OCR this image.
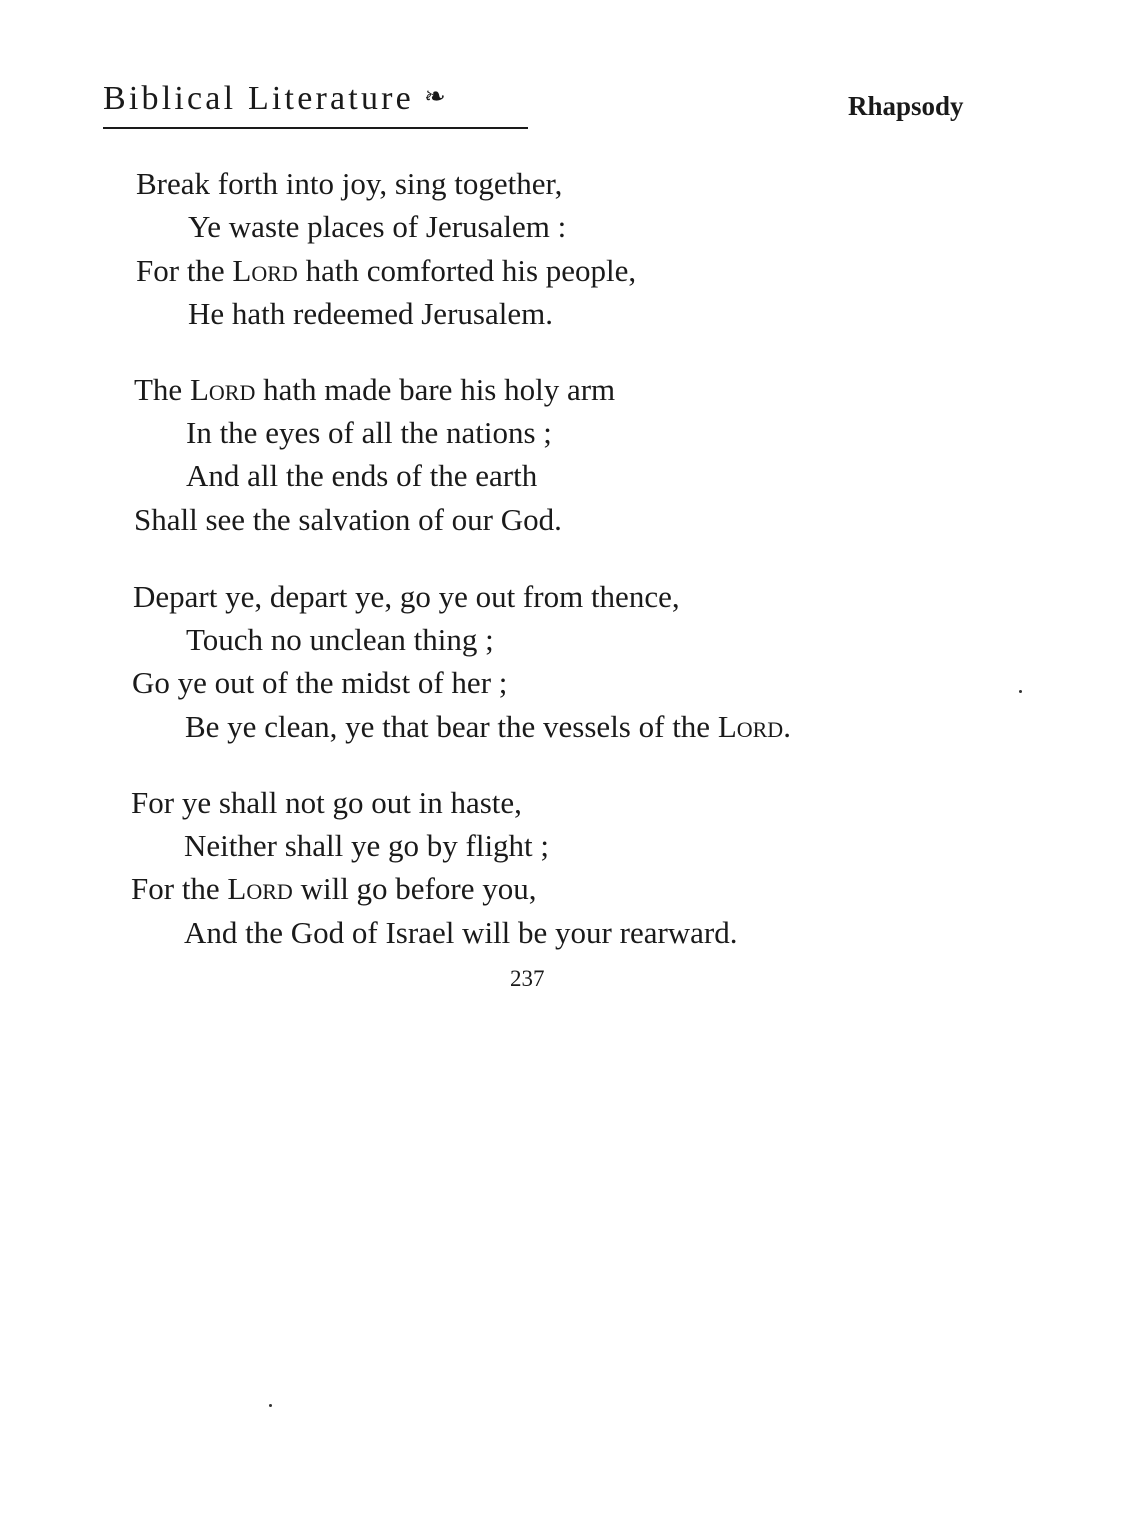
Biblical Literature ❧	Rhapsody
Break forth into joy, sing together,
Ye waste places of Jerusalem :
For the Lord hath comforted his people,
He hath redeemed Jerusalem.
The Lord hath made bare his holy arm
In the eyes of all the nations ;
And all the ends of the earth
Shall see the salvation of our God.
Depart ye, depart ye, go ye out from thence,
Touch no unclean thing ;
Go ye out of the midst of her ;
Be ye clean, ye that bear the vessels of the Lord.
For ye shall not go out in haste,
Neither shall ye go by flight ;
For the Lord will go before you,
And the God of Israel will be your rearward.
237
